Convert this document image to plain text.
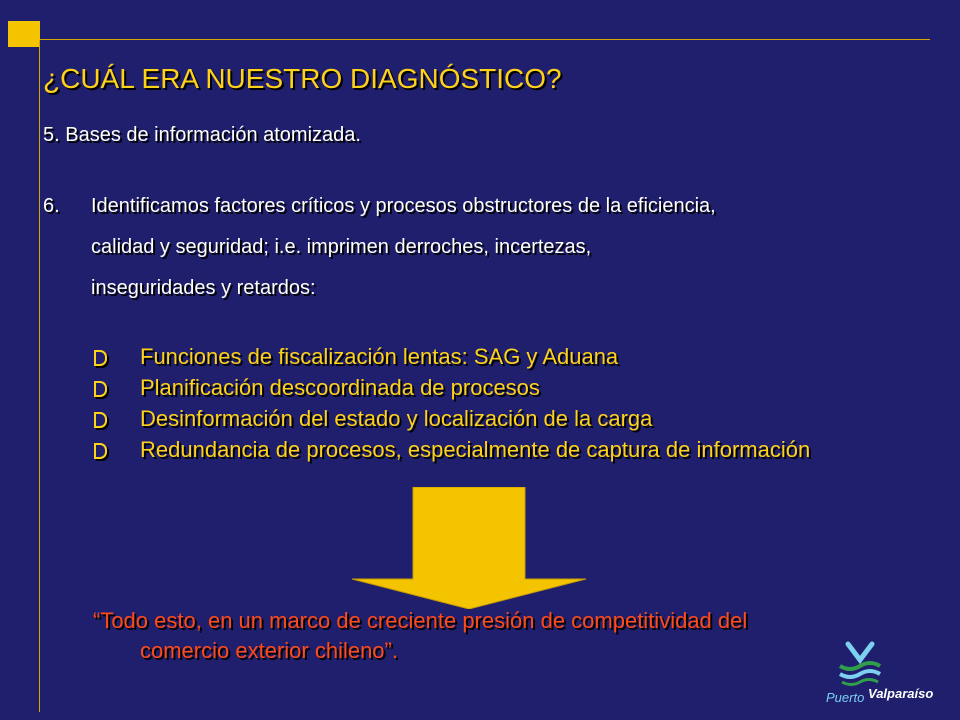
¿CUÁL ERA NUESTRO DIAGNÓSTICO?

5. Bases de información atomizada.

6. Identificamos factores críticos y procesos obstructores de la eficiencia,
calidad y seguridad; i.e. imprimen derroches, incertezas,
inseguridades y retardos:

Funciones de fiscalización lentas: SAG y Aduana
Planificación descoordinada de procesos
Desinformación del estado y localización de la carga
Redundancia de procesos, especialmente de captura de información
“Todo esto, en un marco de creciente presión de competitividad del
comercio exterior chileno”.
Puerto Valparaíso
